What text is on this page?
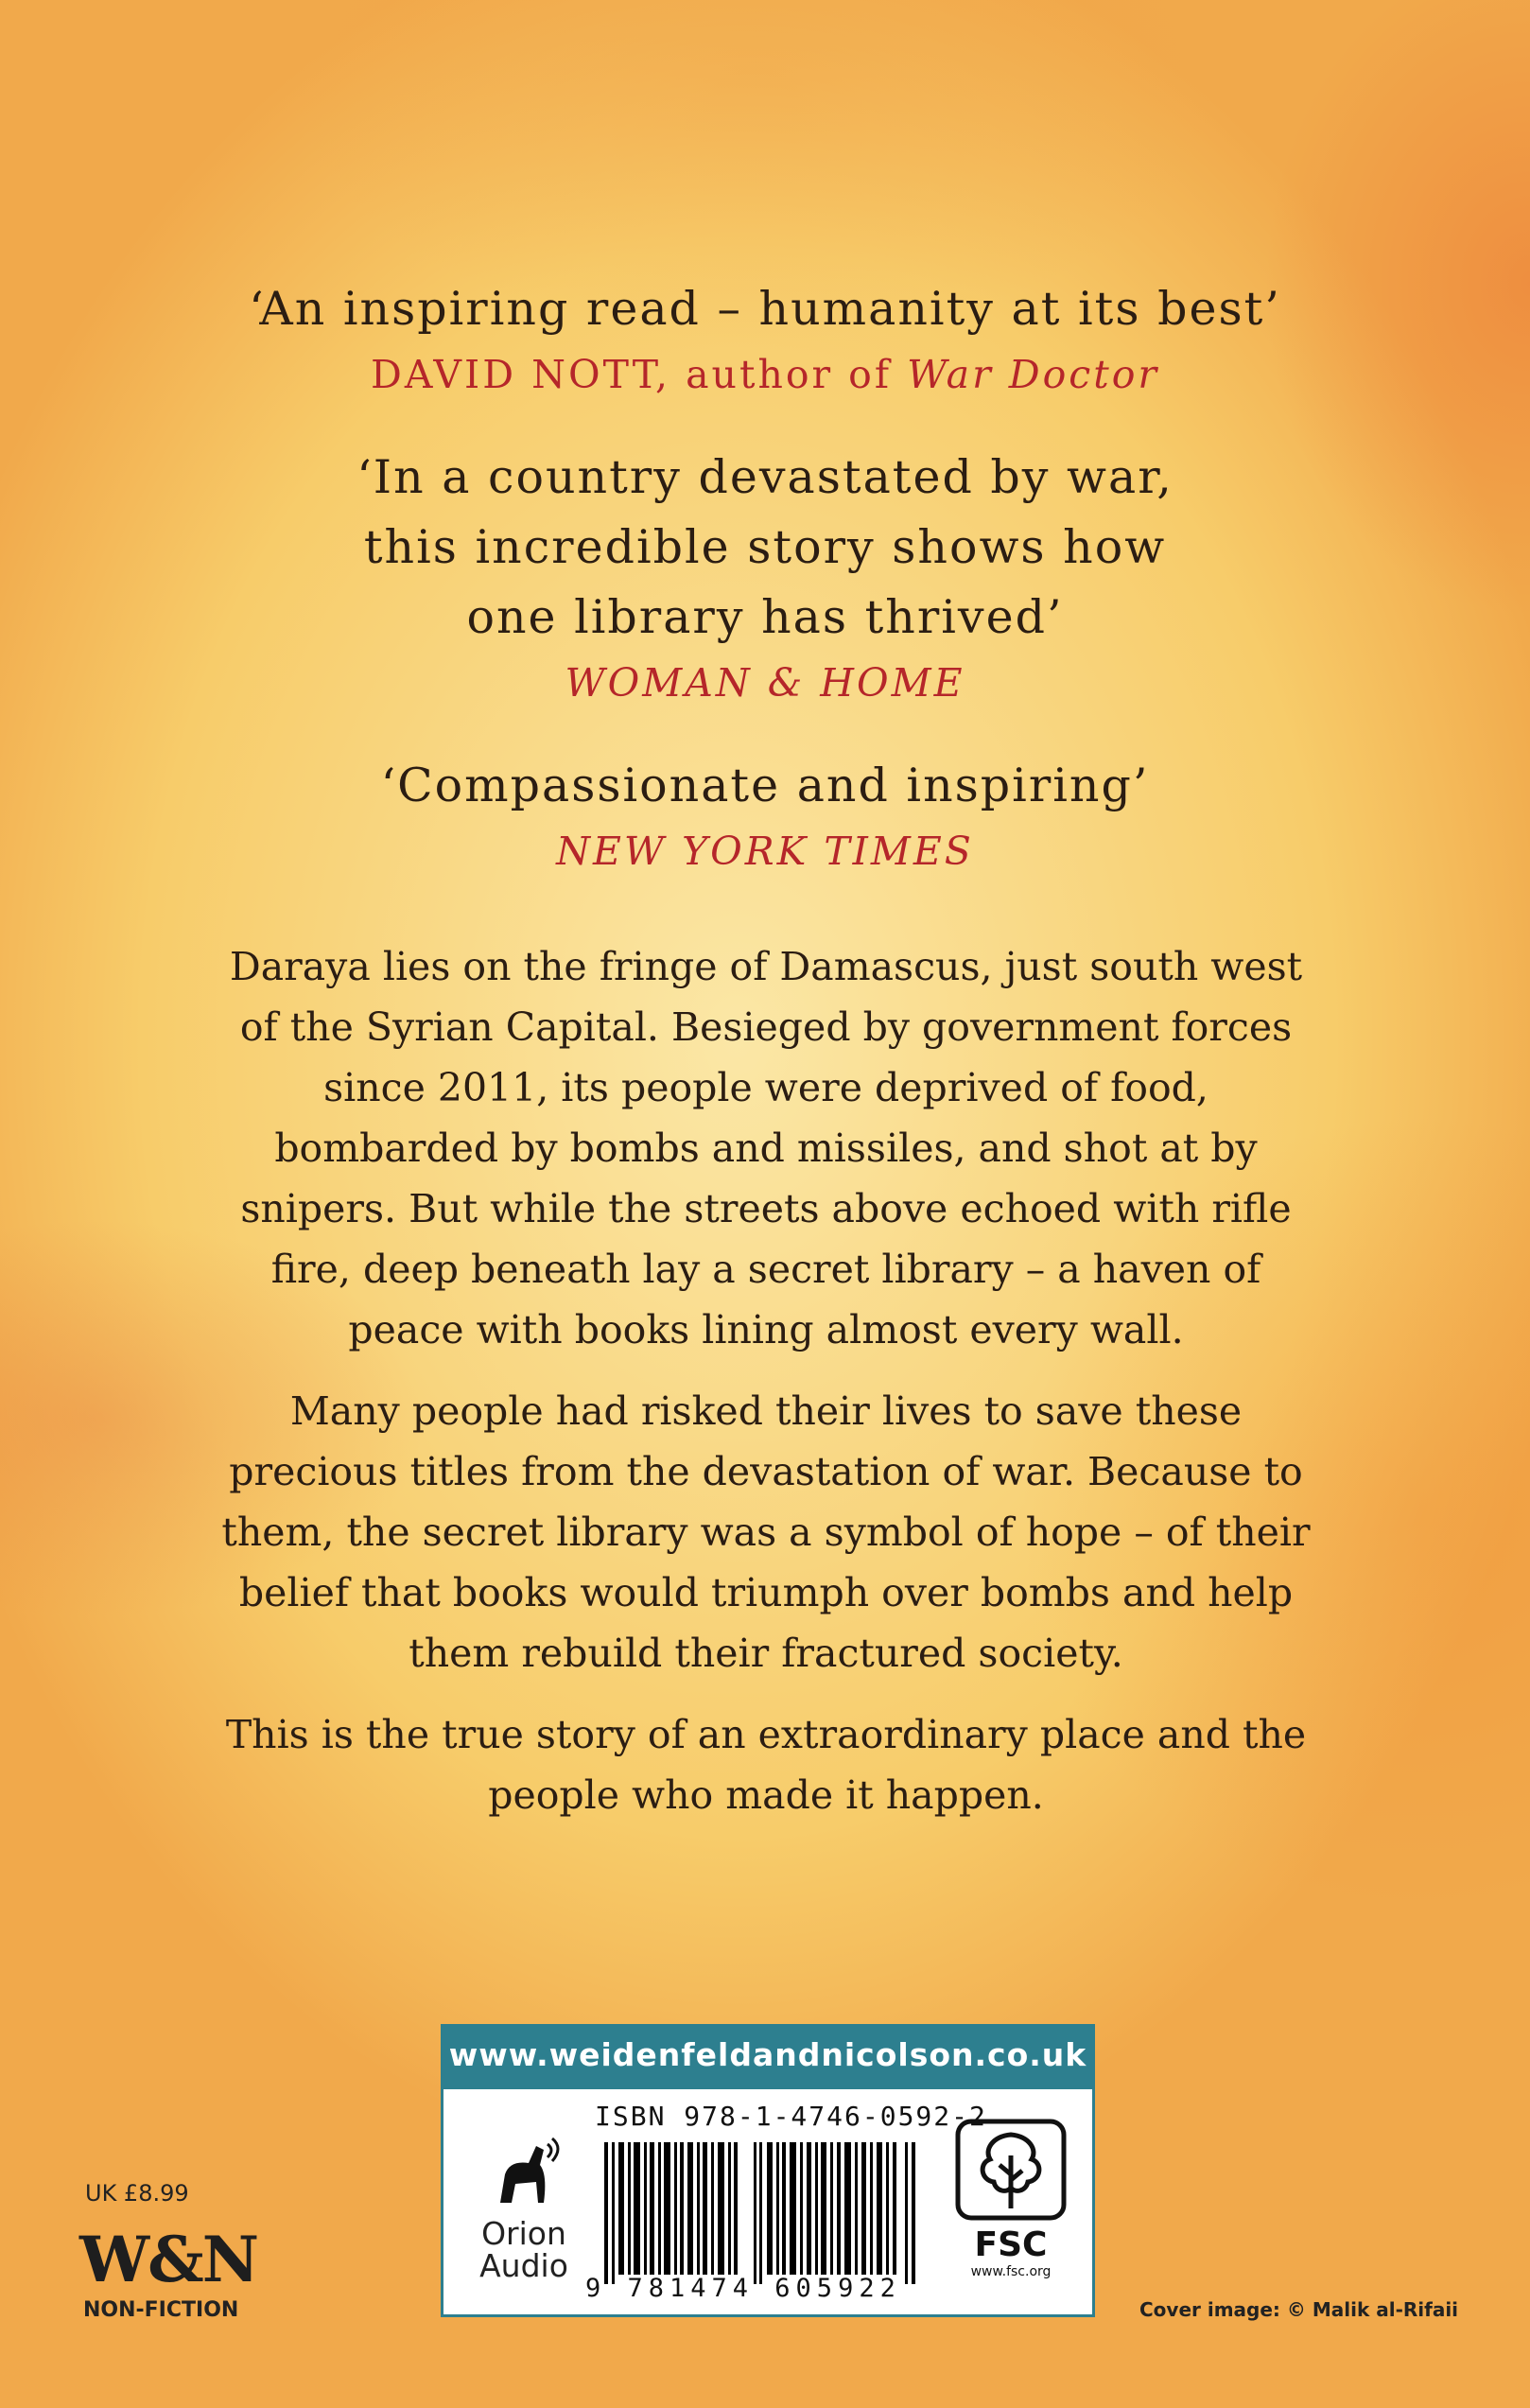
‘An inspiring read – humanity at its best’
DAVID NOTT, author of War Doctor
‘In a country devastated by war,
this incredible story shows how
one library has thrived’
WOMAN & HOME
‘Compassionate and inspiring’
NEW YORK TIMES

Daraya lies on the fringe of Damascus, just south west of the Syrian Capital. Besieged by government forces since 2011, its people were deprived of food, bombarded by bombs and missiles, and shot at by snipers. But while the streets above echoed with rifle fire, deep beneath lay a secret library – a haven of peace with books lining almost every wall.

Many people had risked their lives to save these precious titles from the devastation of war. Because to them, the secret library was a symbol of hope – of their belief that books would triumph over bombs and help them rebuild their fractured society.

This is the true story of an extraordinary place and the people who made it happen.

www.weidenfeldandnicolson.co.uk
Orion
Audio
ISBN 978-1-4746-0592-2
9 781474 605922
FSC
www.fsc.org
UK £8.99
W&N
NON-FICTION	Cover image: © Malik al-Rifaii
